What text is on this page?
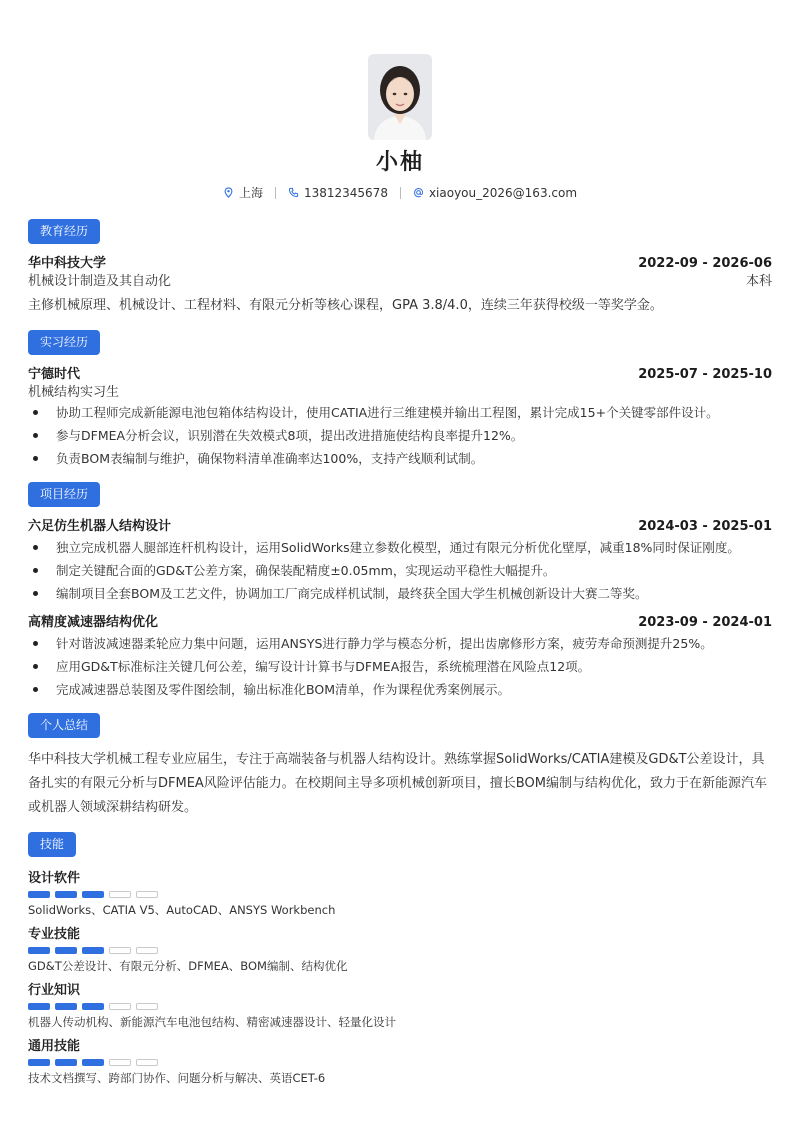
小柚
上海	13812345678	xiaoyou_2026@163.com
教育经历
华中科技大学	2022-09 - 2026-06
机械设计制造及其自动化	本科
主修机械原理、机械设计、工程材料、有限元分析等核心课程，GPA 3.8/4.0，连续三年获得校级一等奖学金。
实习经历
宁德时代	2025-07 - 2025-10
机械结构实习生
协助工程师完成新能源电池包箱体结构设计，使用CATIA进行三维建模并输出工程图，累计完成15+个关键零部件设计。
参与DFMEA分析会议，识别潜在失效模式8项，提出改进措施使结构良率提升12%。
负责BOM表编制与维护，确保物料清单准确率达100%，支持产线顺利试制。
项目经历
六足仿生机器人结构设计	2024-03 - 2025-01
独立完成机器人腿部连杆机构设计，运用SolidWorks建立参数化模型，通过有限元分析优化壁厚，减重18%同时保证刚度。
制定关键配合面的GD&T公差方案，确保装配精度±0.05mm，实现运动平稳性大幅提升。
编制项目全套BOM及工艺文件，协调加工厂商完成样机试制，最终获全国大学生机械创新设计大赛二等奖。
高精度减速器结构优化	2023-09 - 2024-01
针对谐波减速器柔轮应力集中问题，运用ANSYS进行静力学与模态分析，提出齿廓修形方案，疲劳寿命预测提升25%。
应用GD&T标准标注关键几何公差，编写设计计算书与DFMEA报告，系统梳理潜在风险点12项。
完成减速器总装图及零件图绘制，输出标准化BOM清单，作为课程优秀案例展示。
个人总结
华中科技大学机械工程专业应届生，专注于高端装备与机器人结构设计。熟练掌握SolidWorks/CATIA建模及GD&T公差设计，具备扎实的有限元分析与DFMEA风险评估能力。在校期间主导多项机械创新项目，擅长BOM编制与结构优化，致力于在新能源汽车或机器人领域深耕结构研发。
技能
设计软件
SolidWorks、CATIA V5、AutoCAD、ANSYS Workbench
专业技能
GD&T公差设计、有限元分析、DFMEA、BOM编制、结构优化
行业知识
机器人传动机构、新能源汽车电池包结构、精密减速器设计、轻量化设计
通用技能
技术文档撰写、跨部门协作、问题分析与解决、英语CET-6
